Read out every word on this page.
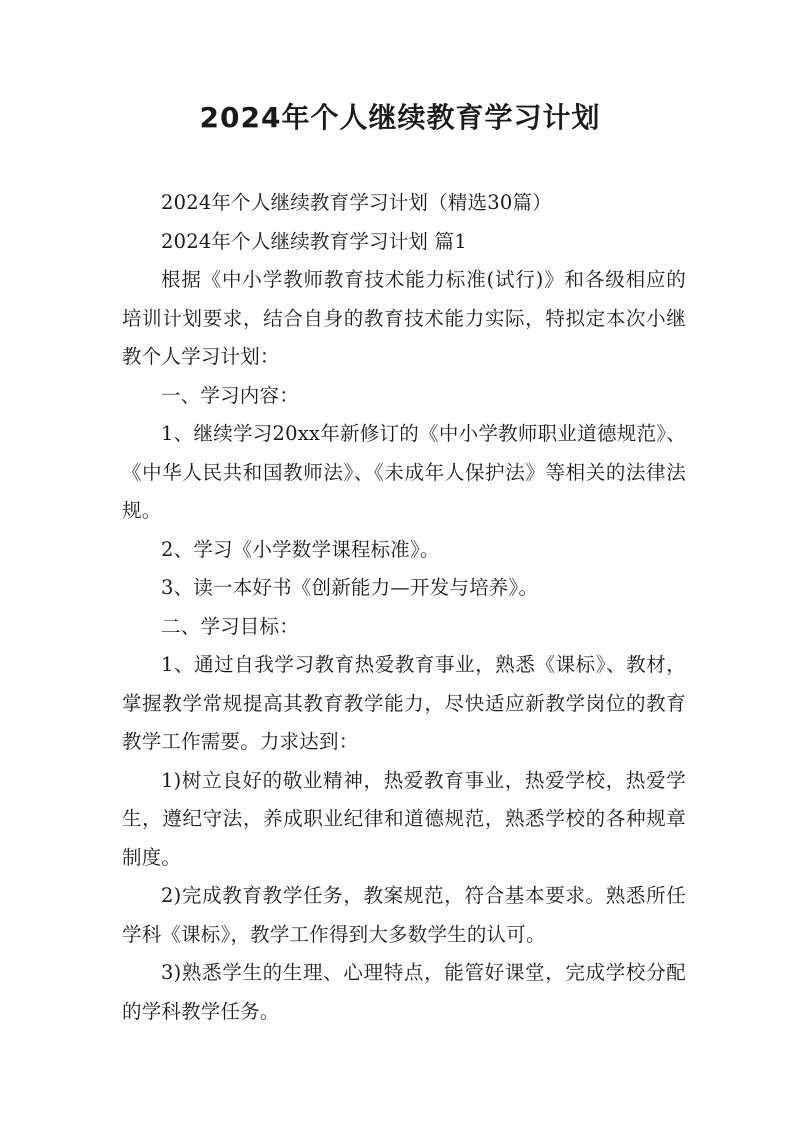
2024年个人继续教育学习计划

2024年个人继续教育学习计划（精选30篇）

2024年个人继续教育学习计划 篇1

根据《中小学教师教育技术能力标准(试行)》和各级相应的培训计划要求，结合自身的教育技术能力实际，特拟定本次小继教个人学习计划：

一、学习内容：

1、继续学习20xx年新修订的《中小学教师职业道德规范》、《中华人民共和国教师法》、《未成年人保护法》等相关的法律法规。

2、学习《小学数学课程标准》。

3、读一本好书《创新能力—开发与培养》。

二、学习目标：

1、通过自我学习教育热爱教育事业，熟悉《课标》、教材，掌握教学常规提高其教育教学能力，尽快适应新教学岗位的教育教学工作需要。力求达到：

1)树立良好的敬业精神，热爱教育事业，热爱学校，热爱学生，遵纪守法，养成职业纪律和道德规范，熟悉学校的各种规章制度。

2)完成教育教学任务，教案规范，符合基本要求。熟悉所任学科《课标》，教学工作得到大多数学生的认可。

3)熟悉学生的生理、心理特点，能管好课堂，完成学校分配的学科教学任务。
